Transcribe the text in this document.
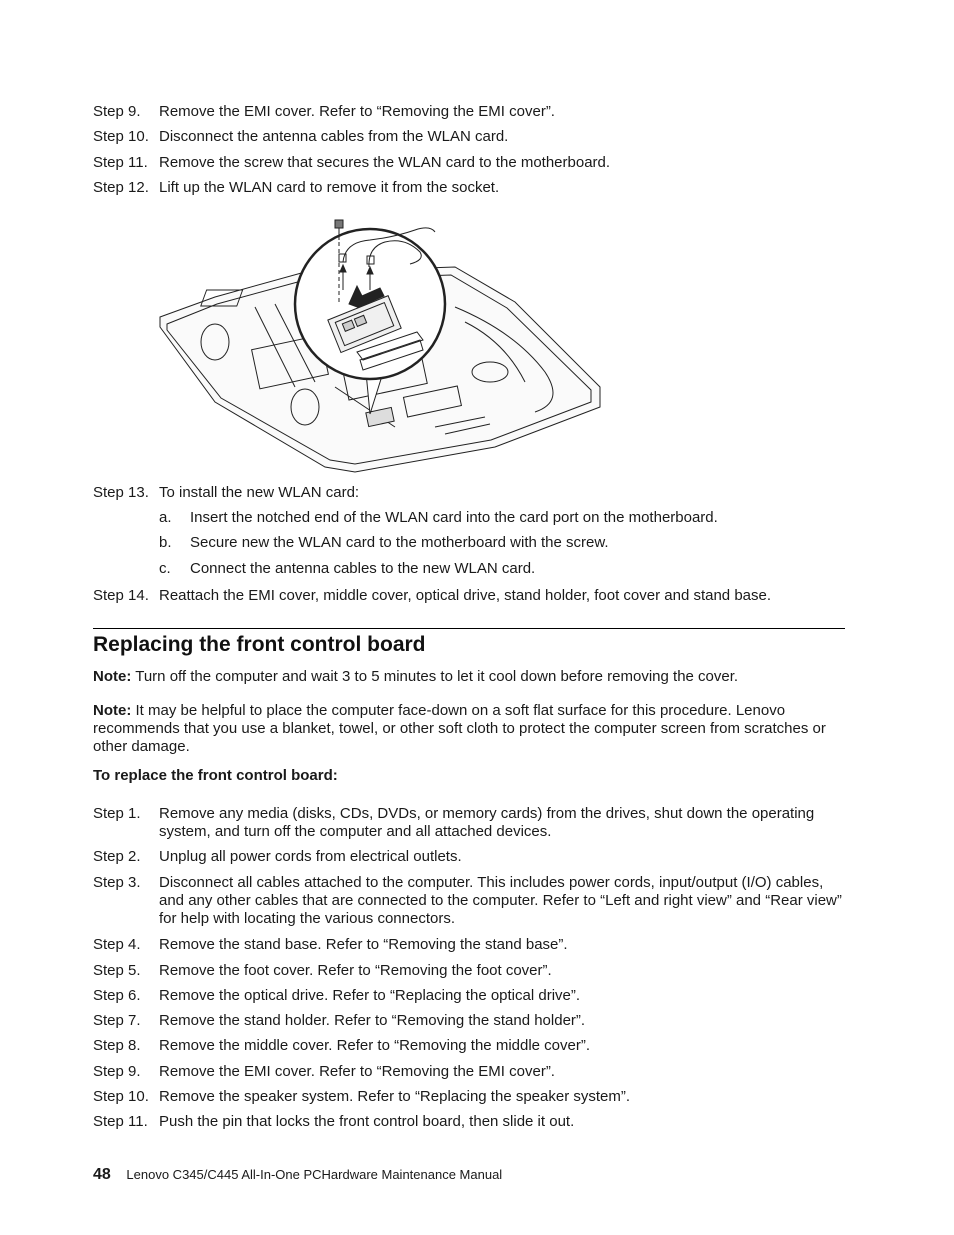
Step 9. Remove the EMI cover. Refer to “Removing the EMI cover”.
Step 10. Disconnect the antenna cables from the WLAN card.
Step 11. Remove the screw that secures the WLAN card to the motherboard.
Step 12. Lift up the WLAN card to remove it from the socket.
Step 13. To install the new WLAN card:
a. Insert the notched end of the WLAN card into the card port on the motherboard.
b. Secure new the WLAN card to the motherboard with the screw.
c. Connect the antenna cables to the new WLAN card.
Step 14. Reattach the EMI cover, middle cover, optical drive, stand holder, foot cover and stand base.
Replacing the front control board
Note: Turn off the computer and wait 3 to 5 minutes to let it cool down before removing the cover.
Note: It may be helpful to place the computer face-down on a soft flat surface for this procedure. Lenovo recommends that you use a blanket, towel, or other soft cloth to protect the computer screen from scratches or other damage.
To replace the front control board:
Step 1. Remove any media (disks, CDs, DVDs, or memory cards) from the drives, shut down the operating system, and turn off the computer and all attached devices.
Step 2. Unplug all power cords from electrical outlets.
Step 3. Disconnect all cables attached to the computer. This includes power cords, input/output (I/O) cables, and any other cables that are connected to the computer. Refer to “Left and right view” and “Rear view” for help with locating the various connectors.
Step 4. Remove the stand base. Refer to “Removing the stand base”.
Step 5. Remove the foot cover. Refer to “Removing the foot cover”.
Step 6. Remove the optical drive. Refer to “Replacing the optical drive”.
Step 7. Remove the stand holder. Refer to “Removing the stand holder”.
Step 8. Remove the middle cover. Refer to “Removing the middle cover”.
Step 9. Remove the EMI cover. Refer to “Removing the EMI cover”.
Step 10. Remove the speaker system. Refer to “Replacing the speaker system”.
Step 11. Push the pin that locks the front control board, then slide it out.
48 Lenovo C345/C445 All-In-One PCHardware Maintenance Manual
